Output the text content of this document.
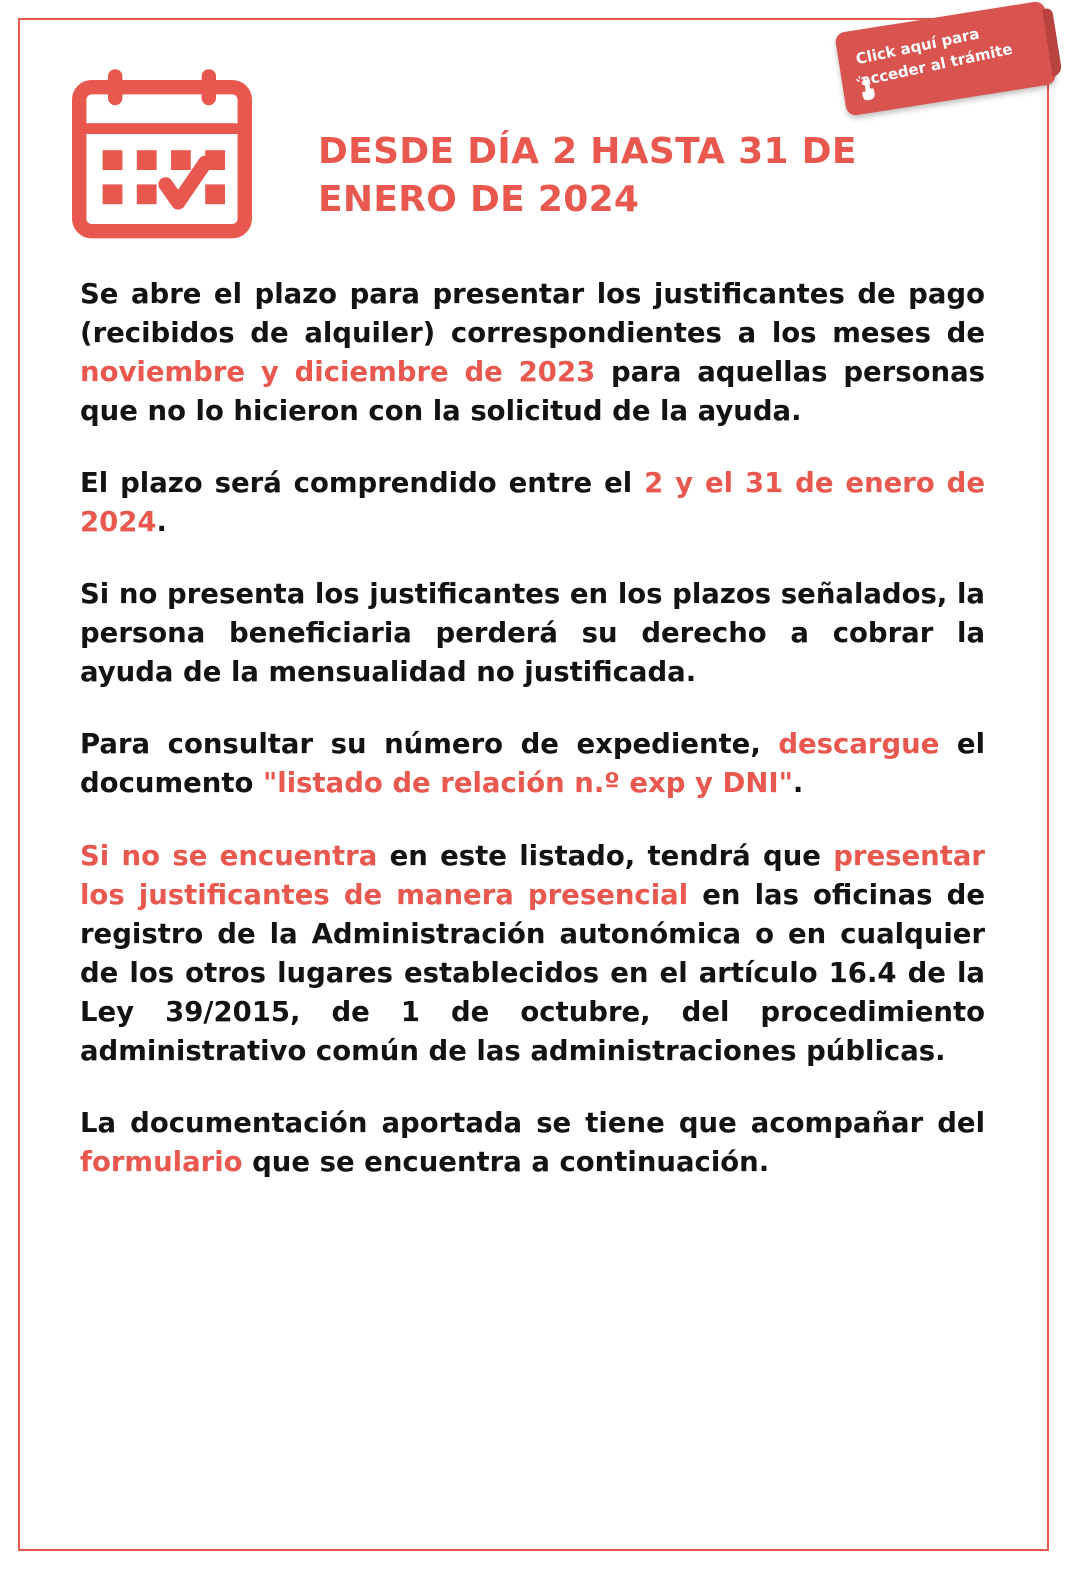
DESDE DÍA 2 HASTA 31 DE ENERO DE 2024
Click aquí para acceder al trámite

Se abre el plazo para presentar los justificantes de pago (recibidos de alquiler) correspondientes a los meses de noviembre y diciembre de 2023 para aquellas personas que no lo hicieron con la solicitud de la ayuda.

El plazo será comprendido entre el 2 y el 31 de enero de 2024.

Si no presenta los justificantes en los plazos señalados, la persona beneficiaria perderá su derecho a cobrar la ayuda de la mensualidad no justificada.

Para consultar su número de expediente, descargue el documento "listado de relación n.º exp y DNI".

Si no se encuentra en este listado, tendrá que presentar los justificantes de manera presencial en las oficinas de registro de la Administración autonómica o en cualquier de los otros lugares establecidos en el artículo 16.4 de la Ley 39/2015, de 1 de octubre, del procedimiento administrativo común de las administraciones públicas.

La documentación aportada se tiene que acompañar del formulario que se encuentra a continuación.
